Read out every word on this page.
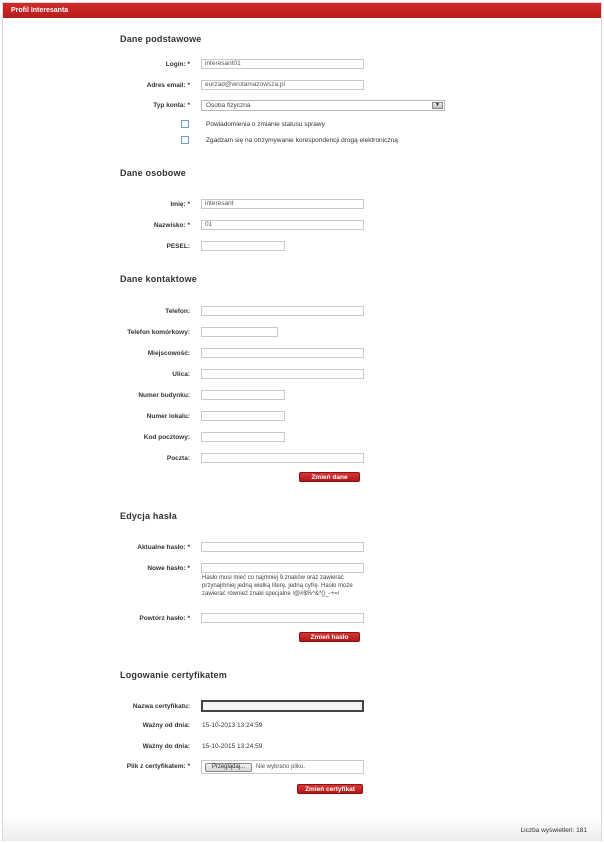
Profil Interesanta
Dane podstawowe
Login: *	interesant01
Adres email: *	eurzad@wrotamazowsza.pl
Typ konta: *	Osoba fizyczna	▼
Powiadomienia o zmianie statusu sprawy
Zgadzam się na otrzymywanie korespondencji drogą elektroniczną
Dane osobowe
Imię: *	interesant
Nazwisko: *	01
PESEL:
Dane kontaktowe
Telefon:
Telefon komórkowy:
Miejscowość:
Ulica:
Numer budynku:
Numer lokalu:
Kod pocztowy:
Poczta:
Zmień dane
Edycja hasła
Aktualne hasło: *
Nowe hasło: *
Hasło musi mieć co najmniej 9 znaków oraz zawierać przynajmniej jedną wielką literę, jedną cyfrę. Hasło może zawierać również znaki specjalne !@#$%^&*()_-+=/
Powtórz hasło: *
Zmień hasło
Logowanie certyfikatem
Nazwa certyfikatu:
Ważny od dnia: 15-10-2013 13:24:59
Ważny do dnia: 15-10-2015 13:24:59
Plik z certyfikatem: *	Przeglądaj...	Nie wybrano pliku.
Zmień certyfikat
Liczba wyświetleń: 181
